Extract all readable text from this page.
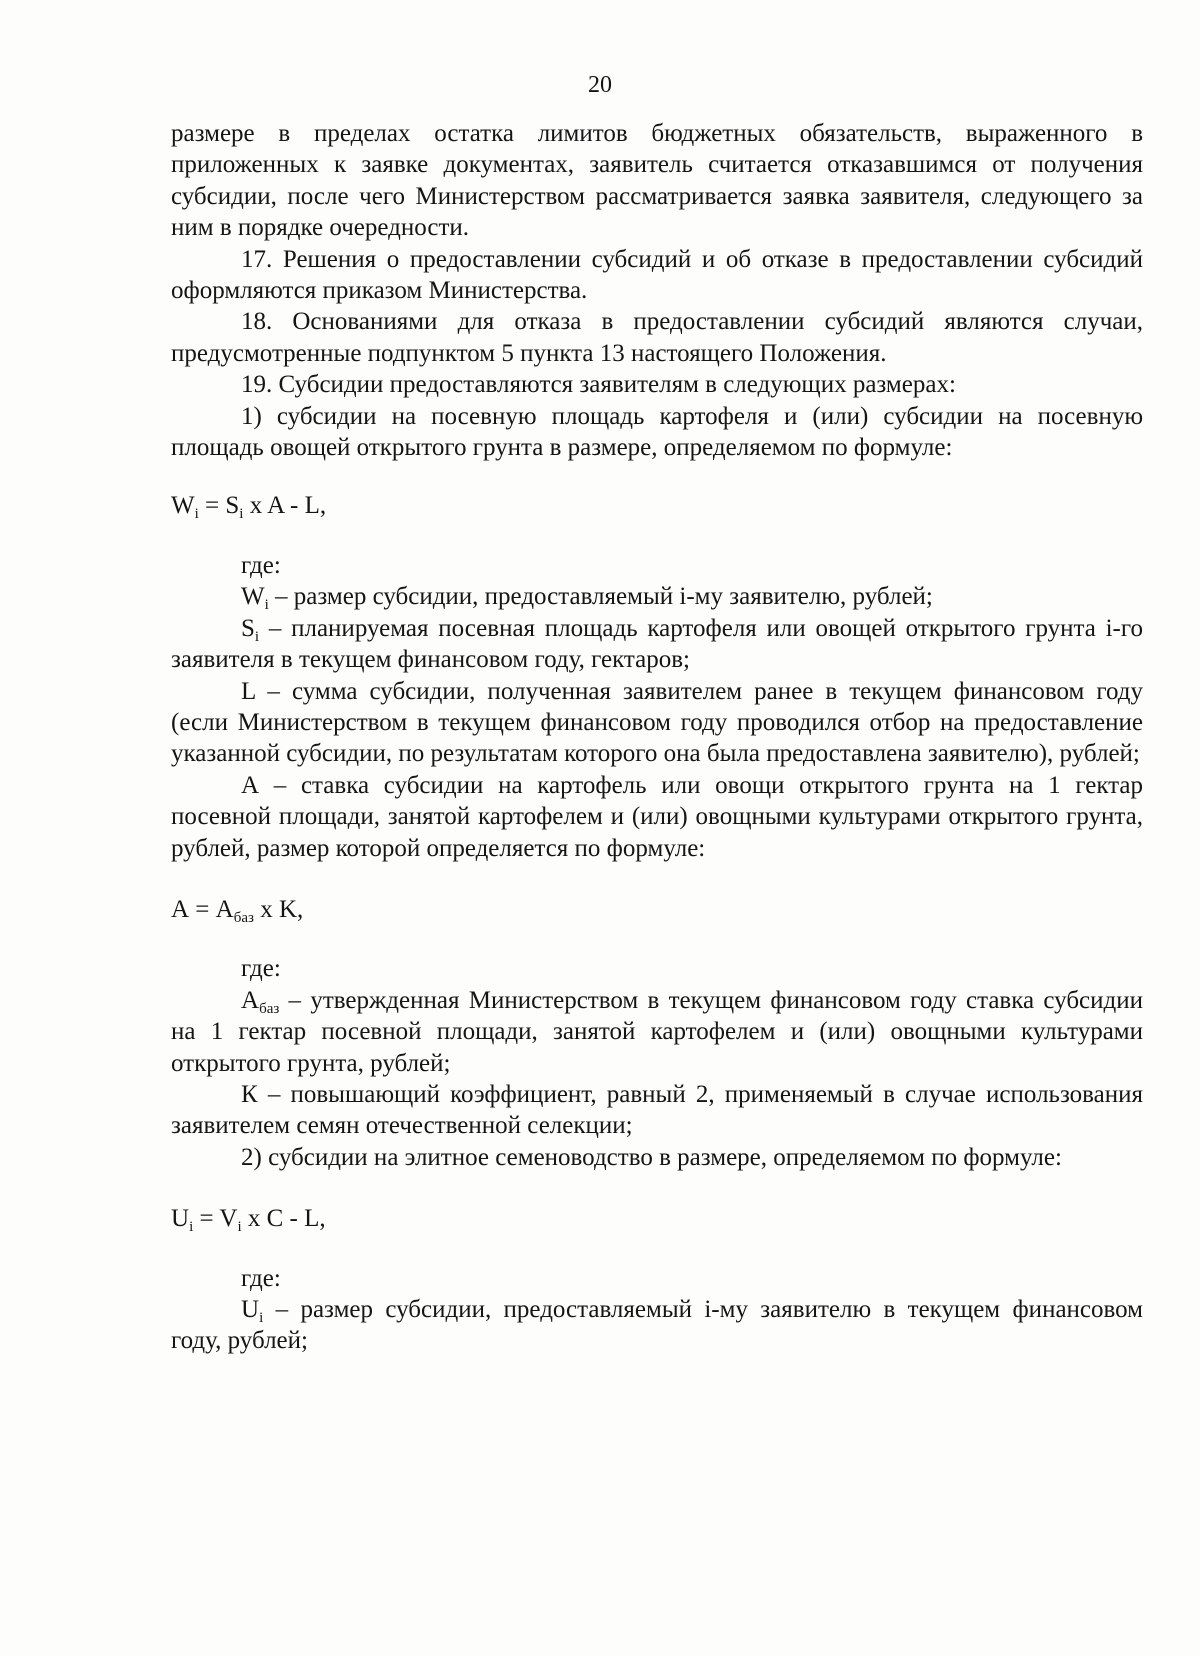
20

размере в пределах остатка лимитов бюджетных обязательств, выраженного в приложенных к заявке документах, заявитель считается отказавшимся от получения субсидии, после чего Министерством рассматривается заявка заявителя, следующего за ним в порядке очередности.

17. Решения о предоставлении субсидий и об отказе в предоставлении субсидий оформляются приказом Министерства.

18. Основаниями для отказа в предоставлении субсидий являются случаи, предусмотренные подпунктом 5 пункта 13 настоящего Положения.

19. Субсидии предоставляются заявителям в следующих размерах:

1) субсидии на посевную площадь картофеля и (или) субсидии на посевную площадь овощей открытого грунта в размере, определяемом по формуле:

$W_i = S_i$ x A - L,

где:

$W_i$ – размер субсидии, предоставляемый i-му заявителю, рублей;

$S_i$ – планируемая посевная площадь картофеля или овощей открытого грунта i-го заявителя в текущем финансовом году, гектаров;

L – сумма субсидии, полученная заявителем ранее в текущем финансовом году (если Министерством в текущем финансовом году проводился отбор на предоставление указанной субсидии, по результатам которого она была предоставлена заявителю), рублей;

А – ставка субсидии на картофель или овощи открытого грунта на 1 гектар посевной площади, занятой картофелем и (или) овощными культурами открытого грунта, рублей, размер которой определяется по формуле:

$А = А_{баз}$ x K,

где:

$А_{баз}$ – утвержденная Министерством в текущем финансовом году ставка субсидии на 1 гектар посевной площади, занятой картофелем и (или) овощными культурами открытого грунта, рублей;

К – повышающий коэффициент, равный 2, применяемый в случае использования заявителем семян отечественной селекции;

2) субсидии на элитное семеноводство в размере, определяемом по формуле:

$U_i = V_i$ x C - L,

где:

$U_i$ – размер субсидии, предоставляемый i-му заявителю в текущем финансовом году, рублей;
